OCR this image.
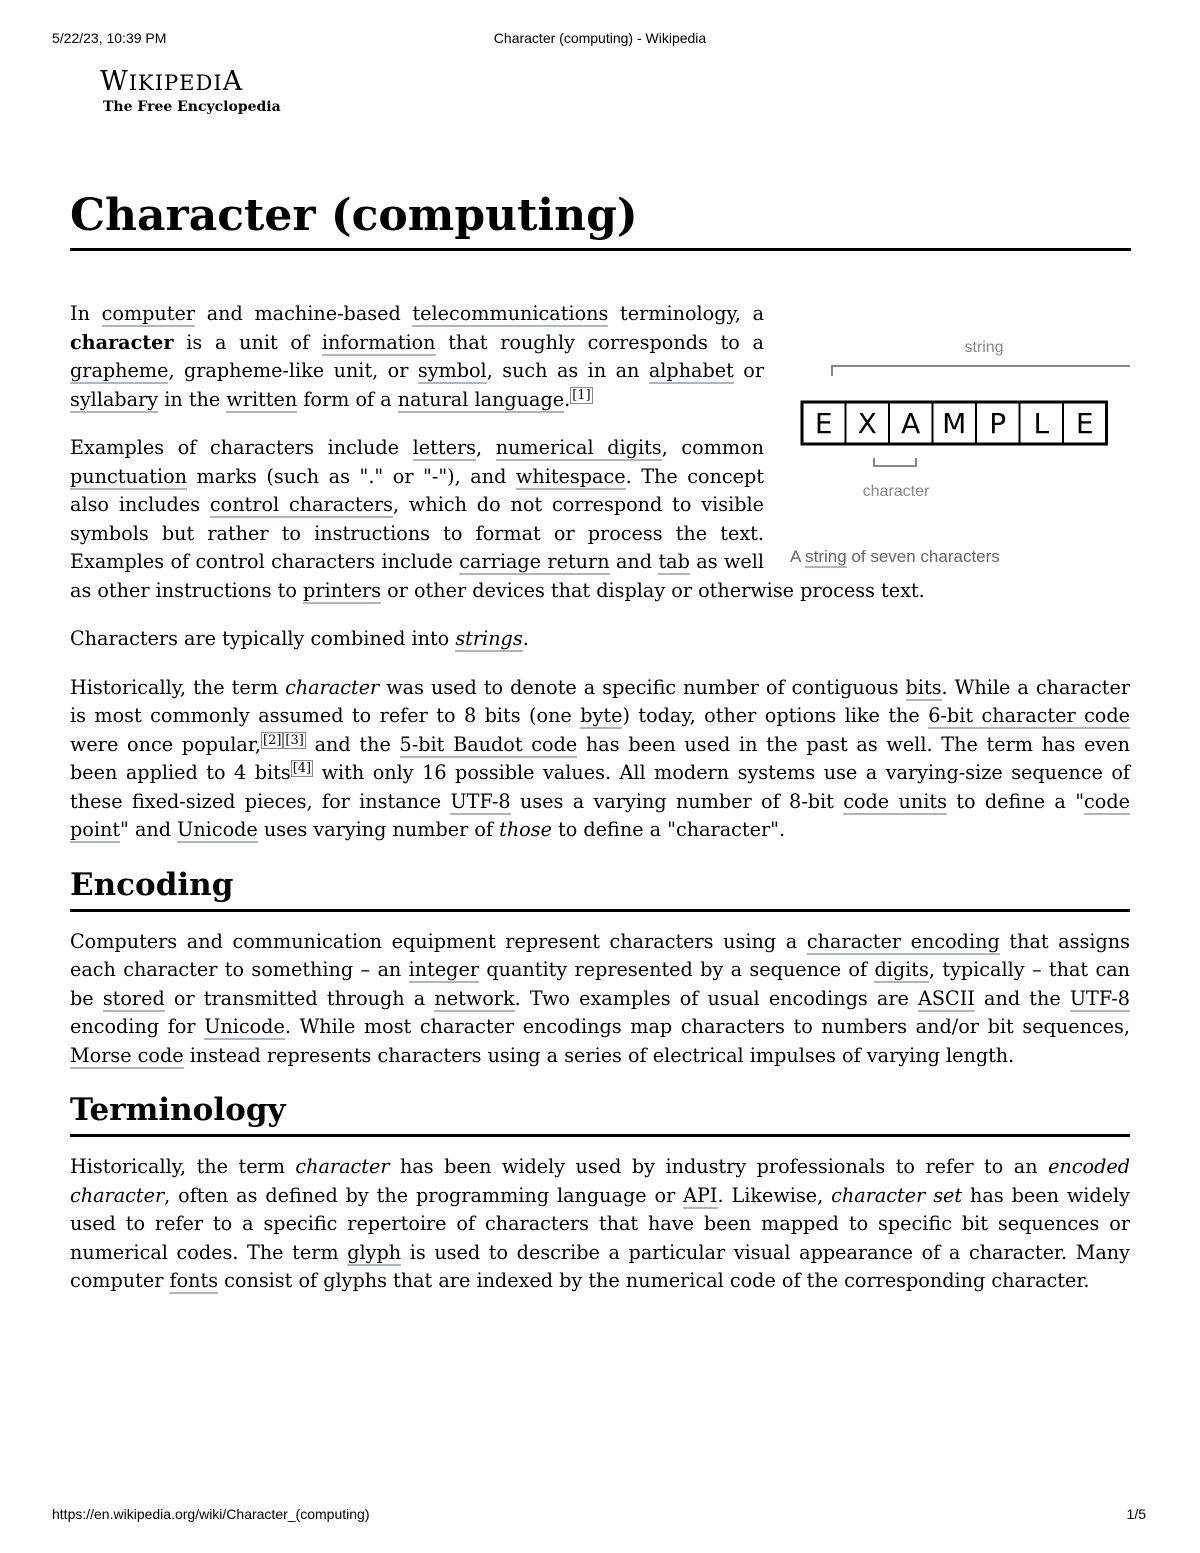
5/22/23, 10:39 PM	Character (computing) - Wikipedia
WIKIPEDIA
The Free Encyclopedia
Character (computing)
string
E X A M P L E
character
A string of seven characters

In computer and machine-based telecommunications terminology, a character is a unit of information that roughly corresponds to a grapheme, grapheme-like unit, or symbol, such as in an alphabet or syllabary in the written form of a natural language. [1]

Examples of characters include letters, numerical digits, common punctuation marks (such as "." or "-"), and whitespace. The concept also includes control characters, which do not correspond to visible symbols but rather to instructions to format or process the text. Examples of control characters include carriage return and tab as well as other instructions to printers or other devices that display or otherwise process text.

Characters are typically combined into strings.

Historically, the term character was used to denote a specific number of contiguous bits. While a character is most commonly assumed to refer to 8 bits (one byte) today, other options like the 6-bit character code were once popular, [2] [3] and the 5-bit Baudot code has been used in the past as well. The term has even been applied to 4 bits [4] with only 16 possible values. All modern systems use a varying-size sequence of these fixed-sized pieces, for instance UTF-8 uses a varying number of 8-bit code units to define a "code point" and Unicode uses varying number of those to define a "character".

Encoding

Computers and communication equipment represent characters using a character encoding that assigns each character to something – an integer quantity represented by a sequence of digits, typically – that can be stored or transmitted through a network. Two examples of usual encodings are ASCII and the UTF-8 encoding for Unicode. While most character encodings map characters to numbers and/or bit sequences, Morse code instead represents characters using a series of electrical impulses of varying length.

Terminology

Historically, the term character has been widely used by industry professionals to refer to an encoded character, often as defined by the programming language or API. Likewise, character set has been widely used to refer to a specific repertoire of characters that have been mapped to specific bit sequences or numerical codes. The term glyph is used to describe a particular visual appearance of a character. Many computer fonts consist of glyphs that are indexed by the numerical code of the corresponding character.

https://en.wikipedia.org/wiki/Character_(computing)	1/5
